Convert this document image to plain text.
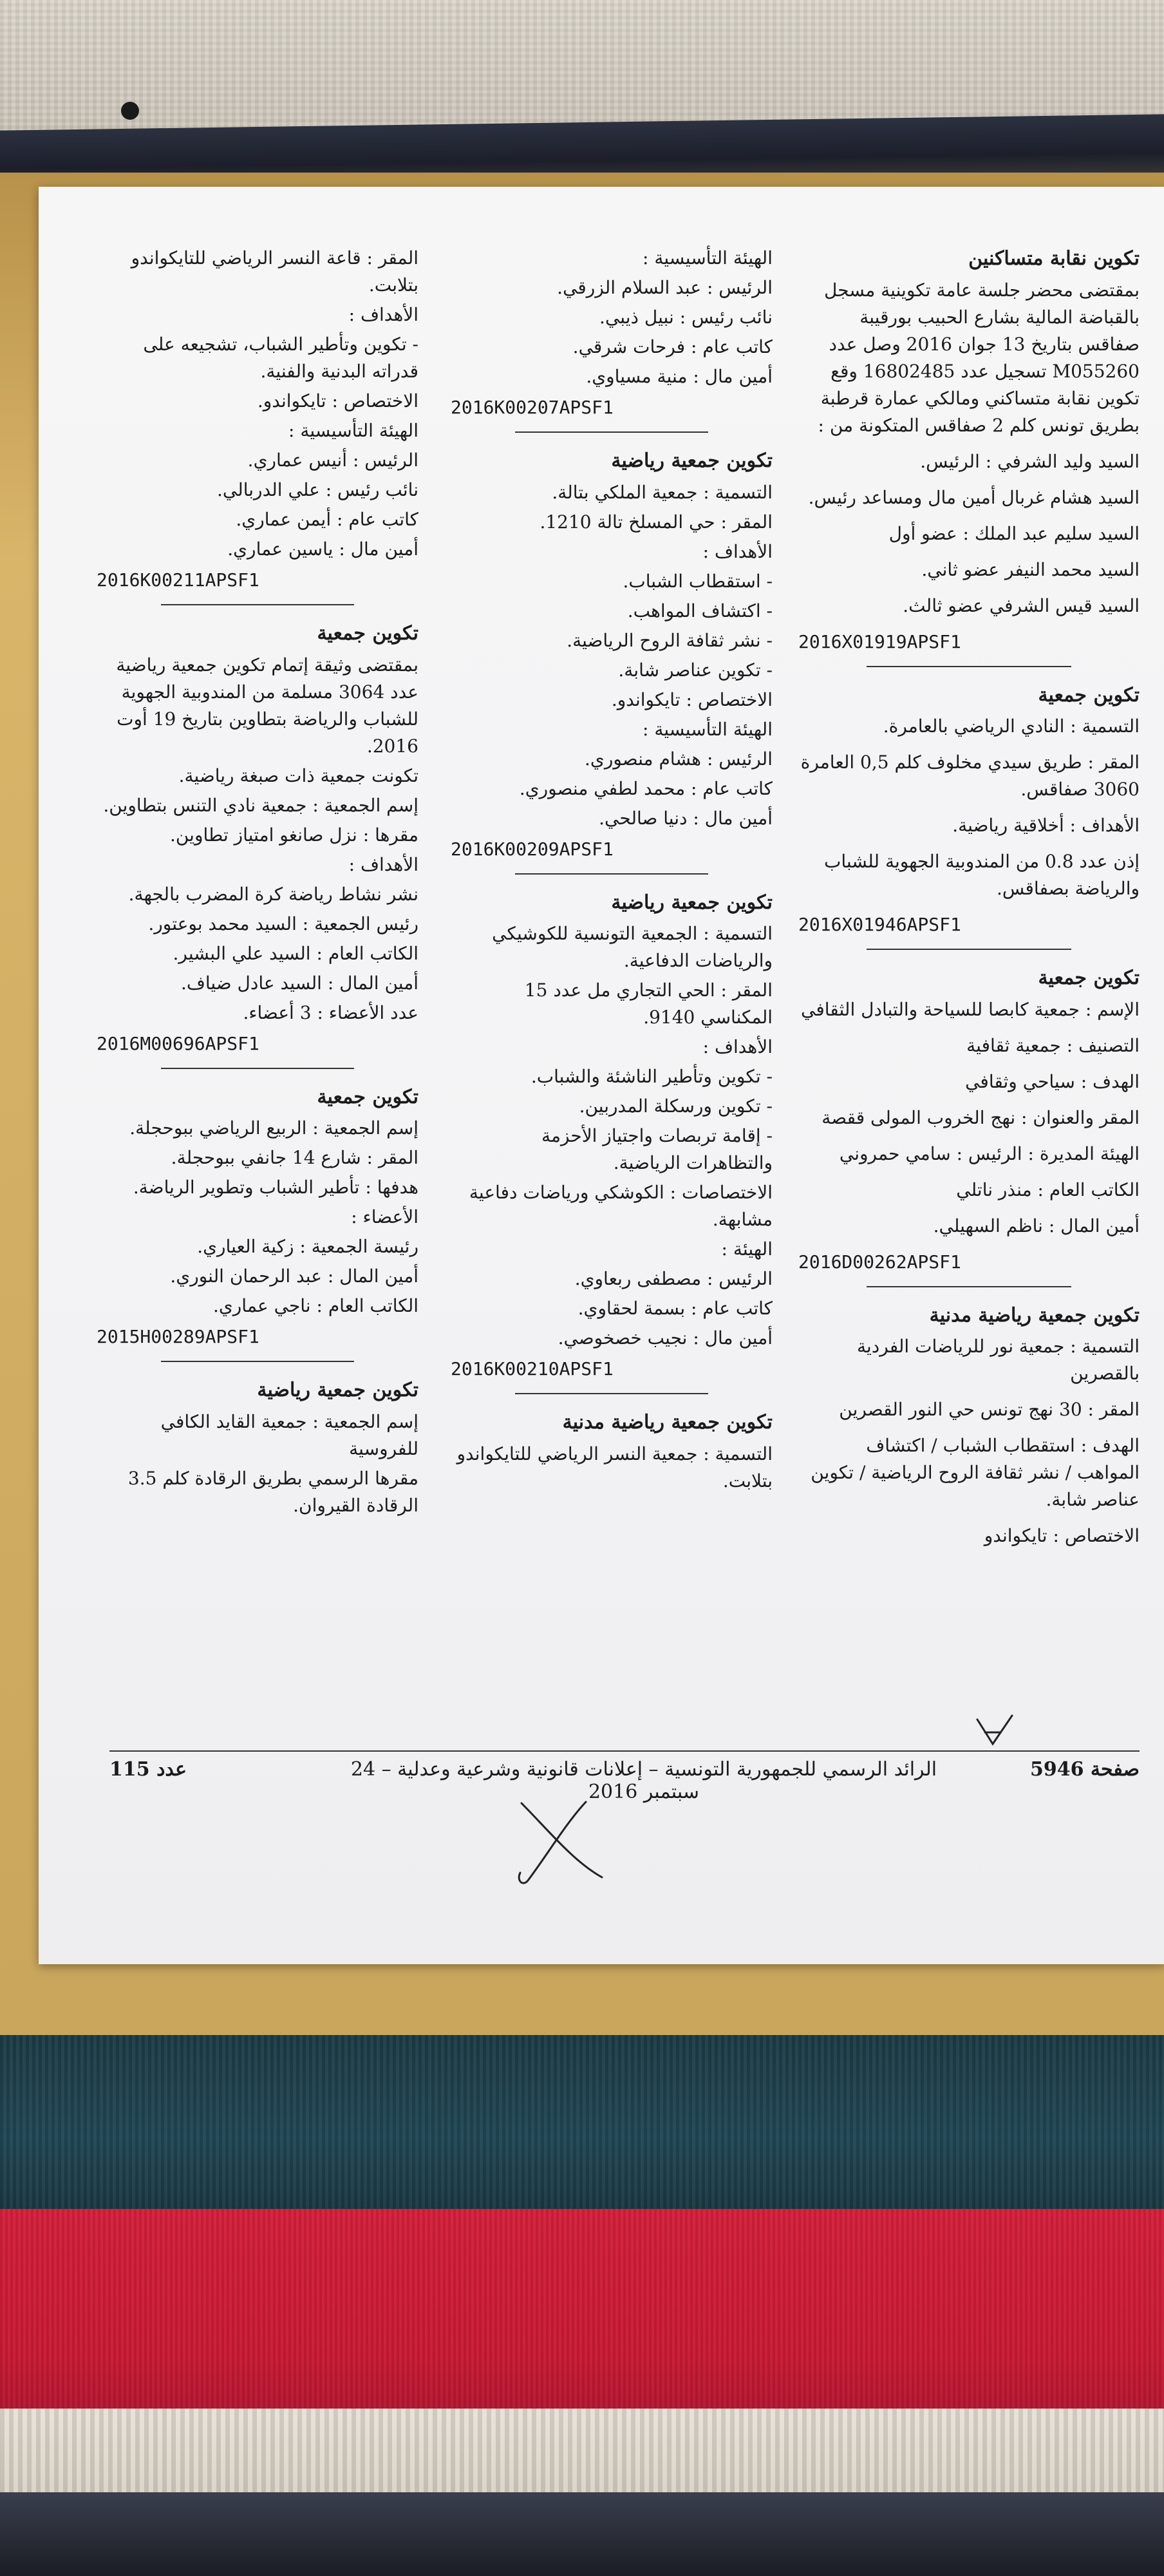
تكوين نقابة متساكنين

بمقتضى محضر جلسة عامة تكوينية مسجل بالقباضة المالية بشارع الحبيب بورقيبة صفاقس بتاريخ 13 جوان 2016 وصل عدد M055260 تسجيل عدد 16802485 وقع تكوين نقابة متساكني ومالكي عمارة قرطبة بطريق تونس كلم 2 صفاقس المتكونة من :

السيد وليد الشرفي : الرئيس.

السيد هشام غربال أمين مال ومساعد رئيس.

السيد سليم عبد الملك : عضو أول

السيد محمد النيفر عضو ثاني.

السيد قيس الشرفي عضو ثالث.

2016X01919APSF1
تكوين جمعية

التسمية : النادي الرياضي بالعامرة.

المقر : طريق سيدي مخلوف كلم 0,5 العامرة 3060 صفاقس.

الأهداف : أخلاقية رياضية.

إذن عدد 0.8 من المندوبية الجهوية للشباب والرياضة بصفاقس.

2016X01946APSF1
تكوين جمعية

الإسم : جمعية كابصا للسياحة والتبادل الثقافي

التصنيف : جمعية ثقافية

الهدف : سياحي وثقافي

المقر والعنوان : نهج الخروب المولى ققصة

الهيئة المديرة : الرئيس : سامي حمروني

الكاتب العام : منذر ناتلي

أمين المال : ناظم السهيلي.

2016D00262APSF1
تكوين جمعية رياضية مدنية

التسمية : جمعية نور للرياضات الفردية بالقصرين

المقر : 30 نهج تونس حي النور القصرين

الهدف : استقطاب الشباب / اكتشاف المواهب / نشر ثقافة الروح الرياضية / تكوين عناصر شابة.

الاختصاص : تايكواندو

الهيئة التأسيسية :

الرئيس : عبد السلام الزرقي.

نائب رئيس : نبيل ذيبي.

كاتب عام : فرحات شرقي.

أمين مال : منية مسياوي.

2016K00207APSF1
تكوين جمعية رياضية

التسمية : جمعية الملكي بتالة.

المقر : حي المسلخ تالة 1210.

الأهداف :

- استقطاب الشباب.

- اكتشاف المواهب.

- نشر ثقافة الروح الرياضية.

- تكوين عناصر شابة.

الاختصاص : تايكواندو.

الهيئة التأسيسية :

الرئيس : هشام منصوري.

كاتب عام : محمد لطفي منصوري.

أمين مال : دنيا صالحي.

2016K00209APSF1
تكوين جمعية رياضية

التسمية : الجمعية التونسية للكوشيكي والرياضات الدفاعية.

المقر : الحي التجاري مل عدد 15 المكناسي 9140.

الأهداف :

- تكوين وتأطير الناشئة والشباب.

- تكوين ورسكلة المدربين.

- إقامة تربصات واجتياز الأحزمة والتظاهرات الرياضية.

الاختصاصات : الكوشكي ورياضات دفاعية مشابهة.

الهيئة :

الرئيس : مصطفى ربعاوي.

كاتب عام : بسمة لحقاوي.

أمين مال : نجيب خصخوصي.

2016K00210APSF1
تكوين جمعية رياضية مدنية

التسمية : جمعية النسر الرياضي للتايكواندو بتلابت.

المقر : قاعة النسر الرياضي للتايكواندو بتلابت.

الأهداف :

- تكوين وتأطير الشباب، تشجيعه على قدراته البدنية والفنية.

الاختصاص : تايكواندو.

الهيئة التأسيسية :

الرئيس : أنيس عماري.

نائب رئيس : علي الدربالي.

كاتب عام : أيمن عماري.

أمين مال : ياسين عماري.

2016K00211APSF1
تكوين جمعية

بمقتضى وثيقة إتمام تكوين جمعية رياضية عدد 3064 مسلمة من المندوبية الجهوية للشباب والرياضة بتطاوين بتاريخ 19 أوت 2016.

تكونت جمعية ذات صبغة رياضية.

إسم الجمعية : جمعية نادي التنس بتطاوين.

مقرها : نزل صانغو امتياز تطاوين.

الأهداف :

نشر نشاط رياضة كرة المضرب بالجهة.

رئيس الجمعية : السيد محمد بوعتور.

الكاتب العام : السيد علي البشير.

أمين المال : السيد عادل ضياف.

عدد الأعضاء : 3 أعضاء.

2016M00696APSF1
تكوين جمعية

إسم الجمعية : الربيع الرياضي ببوحجلة.

المقر : شارع 14 جانفي ببوحجلة.

هدفها : تأطير الشباب وتطوير الرياضة.

الأعضاء :

رئيسة الجمعية : زكية العياري.

أمين المال : عبد الرحمان النوري.

الكاتب العام : ناجي عماري.

2015H00289APSF1
تكوين جمعية رياضية

إسم الجمعية : جمعية القايد الكافي للفروسية

مقرها الرسمي بطريق الرقادة كلم 3.5 الرقادة القيروان.

صفحة 5946
الرائد الرسمي للجمهورية التونسية – إعلانات قانونية وشرعية وعدلية – 24 سبتمبر 2016
عدد 115
